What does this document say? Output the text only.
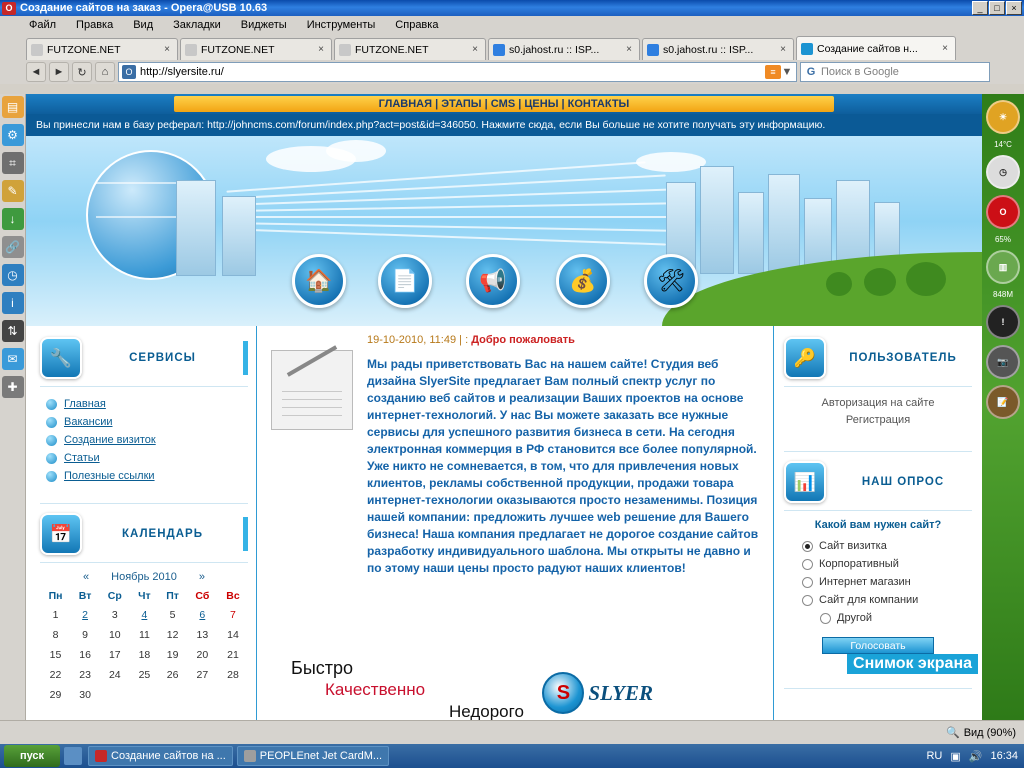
O Создание сайтов на заказ - Opera@USB 10.63	_	□	×
Файл Правка Вид Закладки Виджеты Инструменты Справка
FUTZONE.NET	×	FUTZONE.NET	×	FUTZONE.NET	×	s0.jahost.ru :: ISP...	×	s0.jahost.ru :: ISP...	×	Создание сайтов н...	×
◄	►	↻	⌂	O http://slyersite.ru/	≡ ▼ G Поиск в Google
▤
⚙
⌗
✎
↓
🔗
◷
i
⇅
✉
✚
ГЛАВНАЯ | ЭТАПЫ | CMS | ЦЕНЫ | КОНТАКТЫ
Вы принесли нам в базу реферал: http://johncms.com/forum/index.php?act=post&id=346050. Нажмите сюда, если Вы больше не хотите получать эту информацию.
🏠	📄	📢	💰	🛠
🔧	СЕРВИСЫ
Главная
Вакансии
Создание визиток
Статьи
Полезные ссылки
📅	КАЛЕНДАРЬ
« Ноябрь 2010 »
Пн	Вт	Ср	Чт	Пт	Сб	Вс
1	2	3	4	5	6	7
8	9	10	11	12	13	14
15	16	17	18	19	20	21
22	23	24	25	26	27	28
29	30					
19-10-2010, 11:49 | : Добро пожаловать
Мы рады приветствовать Вас на нашем сайте! Студия веб дизайна SlyerSite предлагает Вам полный спектр услуг по созданию веб сайтов и реализации Ваших проектов на основе интернет-технологий. У нас Вы можете заказать все нужные сервисы для успешного развития бизнеса в сети. На сегодня электронная коммерция в РФ становится все более популярной. Уже никто не сомневается, в том, что для привлечения новых клиентов, рекламы собственной продукции, продажи товара интернет-технологии оказываются просто незаменимы. Позиция нашей компании: предложить лучшее web решение для Вашего бизнеса! Наша компания предлагает не дорогое создание сайтов разработку индивидуального шаблона. Мы открыты не давно и по этому наши цены просто радуют наших клиентов!
Быстро
Качественно
Недорого
S SLYER
🔑	ПОЛЬЗОВАТЕЛЬ
Авторизация на сайте
Регистрация
📊	НАШ ОПРОС
Какой вам нужен сайт?
Сайт визитка
Корпоративный
Интернет магазин
Сайт для компании
Другой
Голосовать
Снимок экрана
☀
14°C
◷
O
65%
▥
848М
!
📷
📝
🔍 Вид (90%)
пуск	Создание сайтов на ...	PEOPLEnet Jet CardM...	RU ▣ 🔊 16:34
